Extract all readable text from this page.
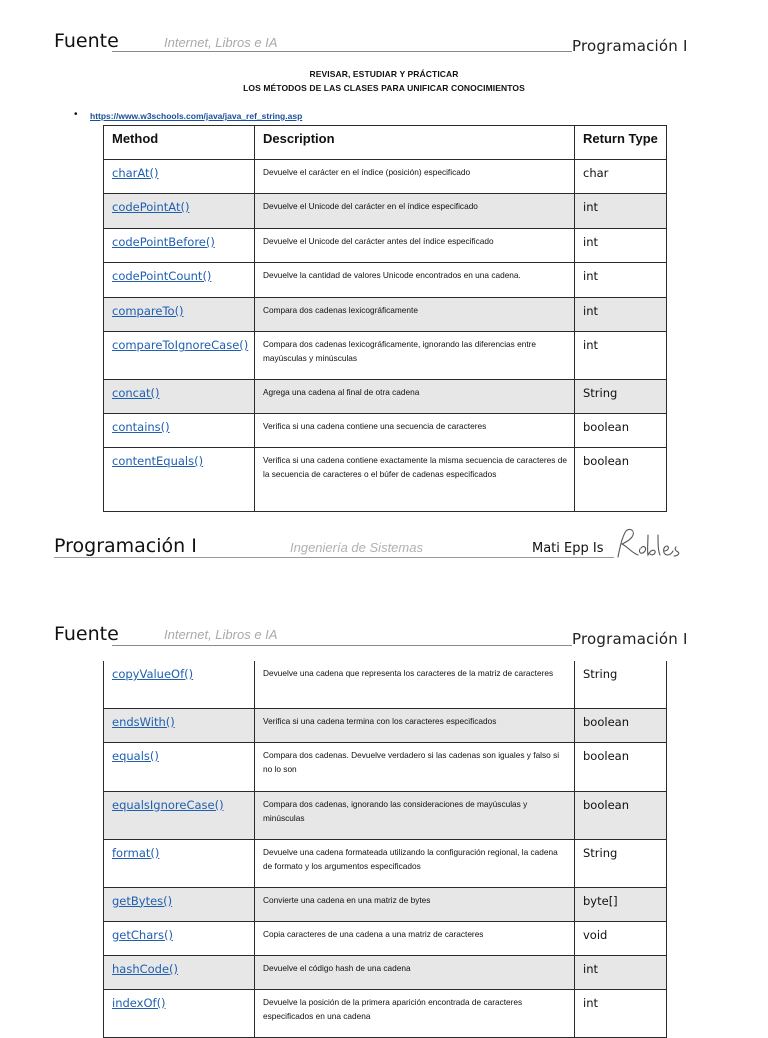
Fuente	Internet, Libros e IA	Programación I
REVISAR, ESTUDIAR Y PRÁCTICAR
LOS MÉTODOS DE LAS CLASES PARA UNIFICAR CONOCIMIENTOS
• https://www.w3schools.com/java/java_ref_string.asp
Method	Description	Return Type
charAt()	Devuelve el carácter en el índice (posición) especificado	char
codePointAt()	Devuelve el Unicode del carácter en el índice especificado	int
codePointBefore()	Devuelve el Unicode del carácter antes del índice especificado	int
codePointCount()	Devuelve la cantidad de valores Unicode encontrados en una cadena.	int
compareTo()	Compara dos cadenas lexicográficamente	int
compareToIgnoreCase()	Compara dos cadenas lexicográficamente, ignorando las diferencias entre mayúsculas y minúsculas	int
concat()	Agrega una cadena al final de otra cadena	String
contains()	Verifica si una cadena contiene una secuencia de caracteres	boolean
contentEquals()	Verifica si una cadena contiene exactamente la misma secuencia de caracteres de la secuencia de caracteres o el búfer de cadenas especificados	boolean
Programación I	Ingeniería de Sistemas	Mati Epp Is
Fuente	Internet, Libros e IA	Programación I
copyValueOf()	Devuelve una cadena que representa los caracteres de la matriz de caracteres	String
endsWith()	Verifica si una cadena termina con los caracteres especificados	boolean
equals()	Compara dos cadenas. Devuelve verdadero si las cadenas son iguales y falso si no lo son	boolean
equalsIgnoreCase()	Compara dos cadenas, ignorando las consideraciones de mayúsculas y minúsculas	boolean
format()	Devuelve una cadena formateada utilizando la configuración regional, la cadena de formato y los argumentos especificados	String
getBytes()	Convierte una cadena en una matriz de bytes	byte[]
getChars()	Copia caracteres de una cadena a una matriz de caracteres	void
hashCode()	Devuelve el código hash de una cadena	int
indexOf()	Devuelve la posición de la primera aparición encontrada de caracteres especificados en una cadena	int
